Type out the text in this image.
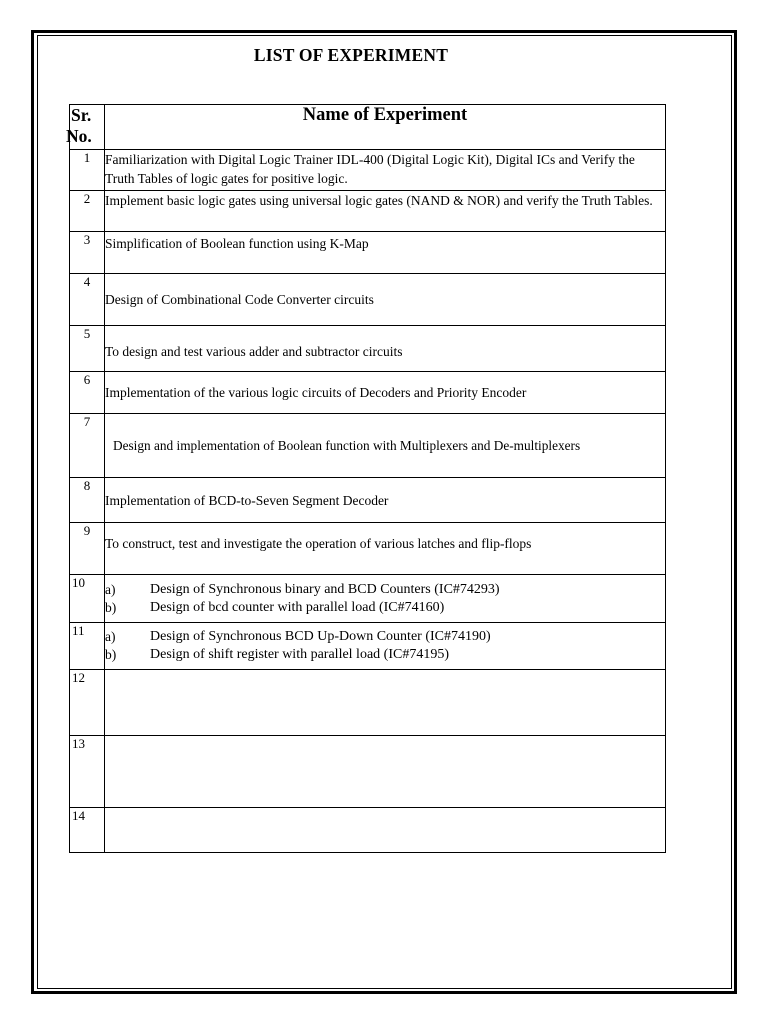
LIST OF EXPERIMENT
Sr.
No.	Name of Experiment
1	Familiarization with Digital Logic Trainer IDL-400 (Digital Logic Kit), Digital ICs and Verify the Truth Tables of logic gates for positive logic.
2	Implement basic logic gates using universal logic gates (NAND & NOR) and verify the Truth Tables.
3	Simplification of Boolean function using K-Map
4	Design of Combinational Code Converter circuits
5	To design and test various adder and subtractor circuits
6	Implementation of the various logic circuits of Decoders and Priority Encoder
7	Design and implementation of Boolean function with Multiplexers and De-multiplexers
8	Implementation of BCD-to-Seven Segment Decoder
9	To construct, test and investigate the operation of various latches and flip-flops
10	a) Design of Synchronous binary and BCD Counters (IC#74293)
b) Design of bcd counter with parallel load (IC#74160)

11	a) Design of Synchronous BCD Up-Down Counter (IC#74190)
b) Design of shift register with parallel load (IC#74195)

12	
13	
14	
